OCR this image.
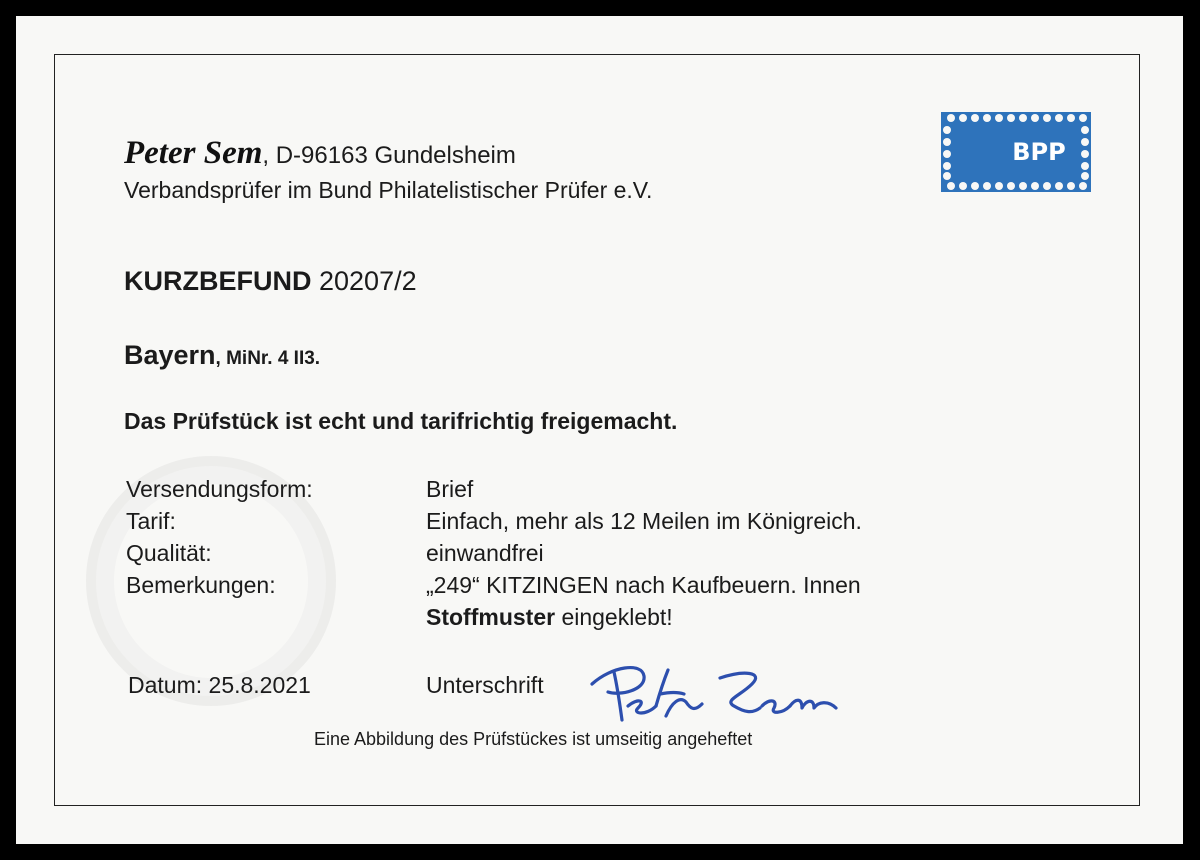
Peter Sem, D-96163 Gundelsheim
Verbandsprüfer im Bund Philatelistischer Prüfer e.V.
BPP
KURZBEFUND 20207/2
Bayern, MiNr. 4 II3.
Das Prüfstück ist echt und tarifrichtig freigemacht.
Versendungsform:	Brief
Tarif:	Einfach, mehr als 12 Meilen im Königreich.
Qualität:	einwandfrei
Bemerkungen:	„249“ KITZINGEN nach Kaufbeuern. Innen
Stoffmuster eingeklebt!
Datum: 25.8.2021	Unterschrift
Eine Abbildung des Prüfstückes ist umseitig angeheftet
